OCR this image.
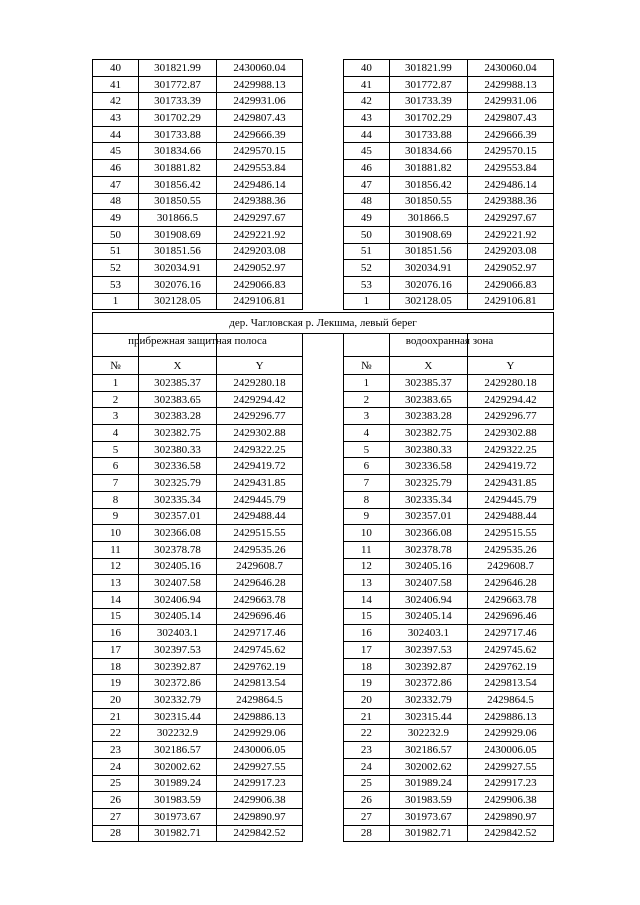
40	301821.99	2430060.04		40	301821.99	2430060.04
41	301772.87	2429988.13		41	301772.87	2429988.13
42	301733.39	2429931.06		42	301733.39	2429931.06
43	301702.29	2429807.43		43	301702.29	2429807.43
44	301733.88	2429666.39		44	301733.88	2429666.39
45	301834.66	2429570.15		45	301834.66	2429570.15
46	301881.82	2429553.84		46	301881.82	2429553.84
47	301856.42	2429486.14		47	301856.42	2429486.14
48	301850.55	2429388.36		48	301850.55	2429388.36
49	301866.5	2429297.67		49	301866.5	2429297.67
50	301908.69	2429221.92		50	301908.69	2429221.92
51	301851.56	2429203.08		51	301851.56	2429203.08
52	302034.91	2429052.97		52	302034.91	2429052.97
53	302076.16	2429066.83		53	302076.16	2429066.83
1	302128.05	2429106.81		1	302128.05	2429106.81
дер. Чагловская р. Лекшма, левый берег

№	X	Y		№	X	Y
1	302385.37	2429280.18		1	302385.37	2429280.18
2	302383.65	2429294.42		2	302383.65	2429294.42
3	302383.28	2429296.77		3	302383.28	2429296.77
4	302382.75	2429302.88		4	302382.75	2429302.88
5	302380.33	2429322.25		5	302380.33	2429322.25
6	302336.58	2429419.72		6	302336.58	2429419.72
7	302325.79	2429431.85		7	302325.79	2429431.85
8	302335.34	2429445.79		8	302335.34	2429445.79
9	302357.01	2429488.44		9	302357.01	2429488.44
10	302366.08	2429515.55		10	302366.08	2429515.55
11	302378.78	2429535.26		11	302378.78	2429535.26
12	302405.16	2429608.7		12	302405.16	2429608.7
13	302407.58	2429646.28		13	302407.58	2429646.28
14	302406.94	2429663.78		14	302406.94	2429663.78
15	302405.14	2429696.46		15	302405.14	2429696.46
16	302403.1	2429717.46		16	302403.1	2429717.46
17	302397.53	2429745.62		17	302397.53	2429745.62
18	302392.87	2429762.19		18	302392.87	2429762.19
19	302372.86	2429813.54		19	302372.86	2429813.54
20	302332.79	2429864.5		20	302332.79	2429864.5
21	302315.44	2429886.13		21	302315.44	2429886.13
22	302232.9	2429929.06		22	302232.9	2429929.06
23	302186.57	2430006.05		23	302186.57	2430006.05
24	302002.62	2429927.55		24	302002.62	2429927.55
25	301989.24	2429917.23		25	301989.24	2429917.23
26	301983.59	2429906.38		26	301983.59	2429906.38
27	301973.67	2429890.97		27	301973.67	2429890.97
28	301982.71	2429842.52		28	301982.71	2429842.52
прибрежная защитная полоса	водоохранная зона
